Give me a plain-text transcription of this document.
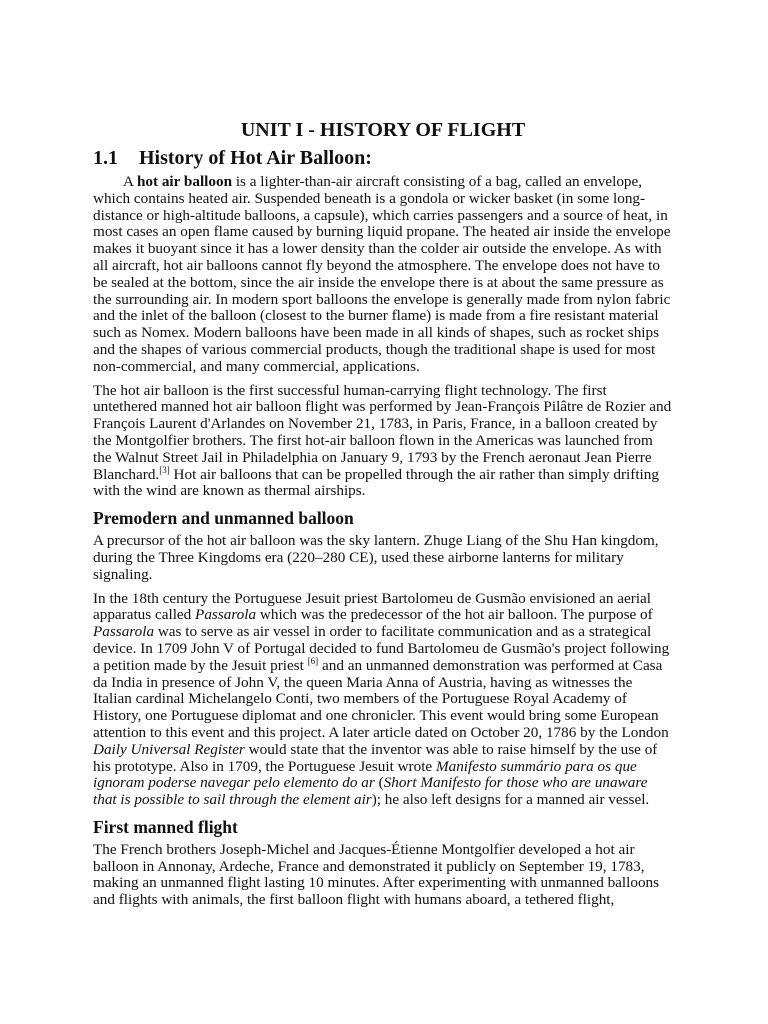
UNIT I - HISTORY OF FLIGHT
1.1	History of Hot Air Balloon:

A hot air balloon is a lighter-than-air aircraft consisting of a bag, called an envelope, which contains heated air. Suspended beneath is a gondola or wicker basket (in some long-distance or high-altitude balloons, a capsule), which carries passengers and a source of heat, in most cases an open flame caused by burning liquid propane. The heated air inside the envelope makes it buoyant since it has a lower density than the colder air outside the envelope. As with all aircraft, hot air balloons cannot fly beyond the atmosphere. The envelope does not have to be sealed at the bottom, since the air inside the envelope there is at about the same pressure as the surrounding air. In modern sport balloons the envelope is generally made from nylon fabric and the inlet of the balloon (closest to the burner flame) is made from a fire resistant material such as Nomex. Modern balloons have been made in all kinds of shapes, such as rocket ships and the shapes of various commercial products, though the traditional shape is used for most non-commercial, and many commercial, applications.

The hot air balloon is the first successful human-carrying flight technology. The first untethered manned hot air balloon flight was performed by Jean-François Pilâtre de Rozier and François Laurent d'Arlandes on November 21, 1783, in Paris, France, in a balloon created by the Montgolfier brothers. The first hot-air balloon flown in the Americas was launched from the Walnut Street Jail in Philadelphia on January 9, 1793 by the French aeronaut Jean Pierre Blanchard.[3] Hot air balloons that can be propelled through the air rather than simply drifting with the wind are known as thermal airships.

Premodern and unmanned balloon

A precursor of the hot air balloon was the sky lantern. Zhuge Liang of the Shu Han kingdom, during the Three Kingdoms era (220–280 CE), used these airborne lanterns for military signaling.

In the 18th century the Portuguese Jesuit priest Bartolomeu de Gusmão envisioned an aerial apparatus called Passarola which was the predecessor of the hot air balloon. The purpose of Passarola was to serve as air vessel in order to facilitate communication and as a strategical device. In 1709 John V of Portugal decided to fund Bartolomeu de Gusmão's project following a petition made by the Jesuit priest [6] and an unmanned demonstration was performed at Casa da India in presence of John V, the queen Maria Anna of Austria, having as witnesses the Italian cardinal Michelangelo Conti, two members of the Portuguese Royal Academy of History, one Portuguese diplomat and one chronicler. This event would bring some European attention to this event and this project. A later article dated on October 20, 1786 by the London Daily Universal Register would state that the inventor was able to raise himself by the use of his prototype. Also in 1709, the Portuguese Jesuit wrote Manifesto summário para os que ignoram poderse navegar pelo elemento do ar (Short Manifesto for those who are unaware that is possible to sail through the element air); he also left designs for a manned air vessel.

First manned flight

The French brothers Joseph-Michel and Jacques-Étienne Montgolfier developed a hot air balloon in Annonay, Ardeche, France and demonstrated it publicly on September 19, 1783, making an unmanned flight lasting 10 minutes. After experimenting with unmanned balloons and flights with animals, the first balloon flight with humans aboard, a tethered flight,
